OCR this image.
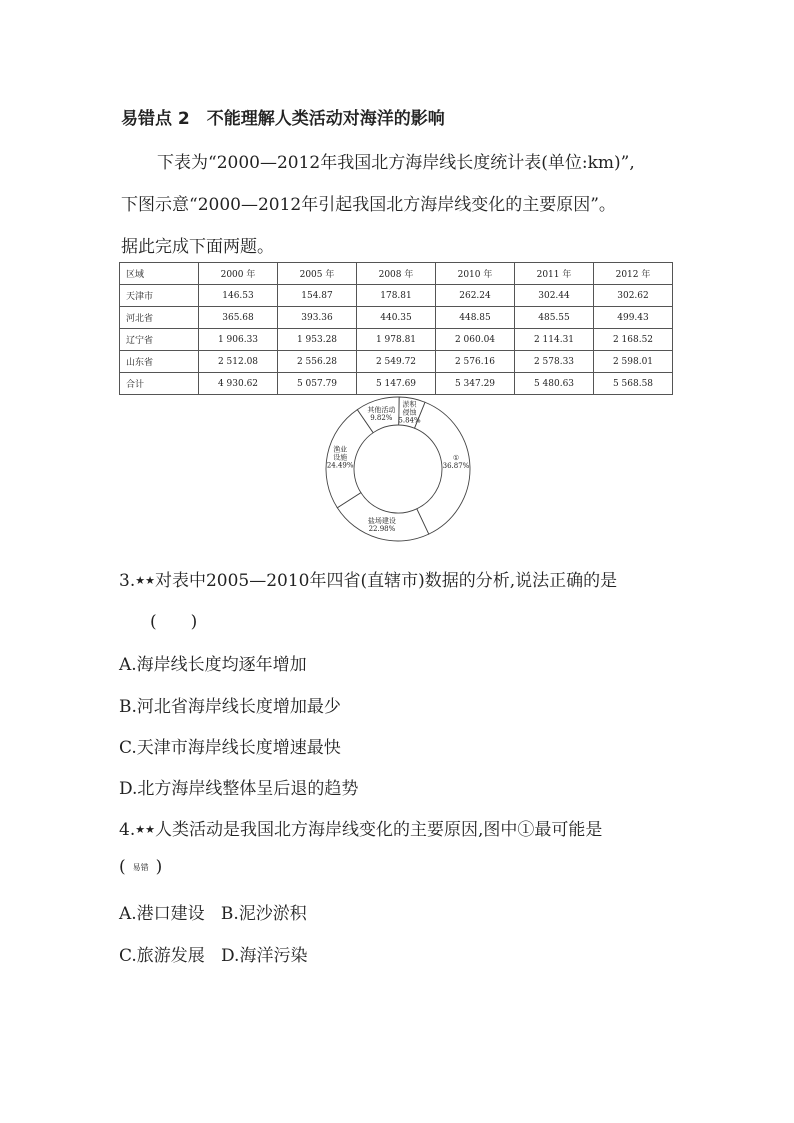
易错点 2　不能理解人类活动对海洋的影响
下表为“2000—2012年我国北方海岸线长度统计表(单位:km)”,
下图示意“2000—2012年引起我国北方海岸线变化的主要原因”。
据此完成下面两题。
区域	2000 年	2005 年	2008 年	2010 年	2011 年	2012 年
天津市	146.53	154.87	178.81	262.24	302.44	302.62
河北省	365.68	393.36	440.35	448.85	485.55	499.43
辽宁省	1 906.33	1 953.28	1 978.81	2 060.04	2 114.31	2 168.52
山东省	2 512.08	2 556.28	2 549.72	2 576.16	2 578.33	2 598.01
合计	4 930.62	5 057.79	5 147.69	5 347.29	5 480.63	5 568.58
①
36.87%
盐场建设
22.98%
渔业
设施
24.49%
其他活动
9.82%
淤积
侵蚀
5.84%
3.★★对表中2005—2010年四省(直辖市)数据的分析,说法正确的是
(　　)
A.海岸线长度均逐年增加
B.河北省海岸线长度增加最少
C.天津市海岸线长度增速最快
D.北方海岸线整体呈后退的趋势
4.★★人类活动是我国北方海岸线变化的主要原因,图中①最可能是
( 易错 )
A.港口建设 B.泥沙淤积
C.旅游发展 D.海洋污染
